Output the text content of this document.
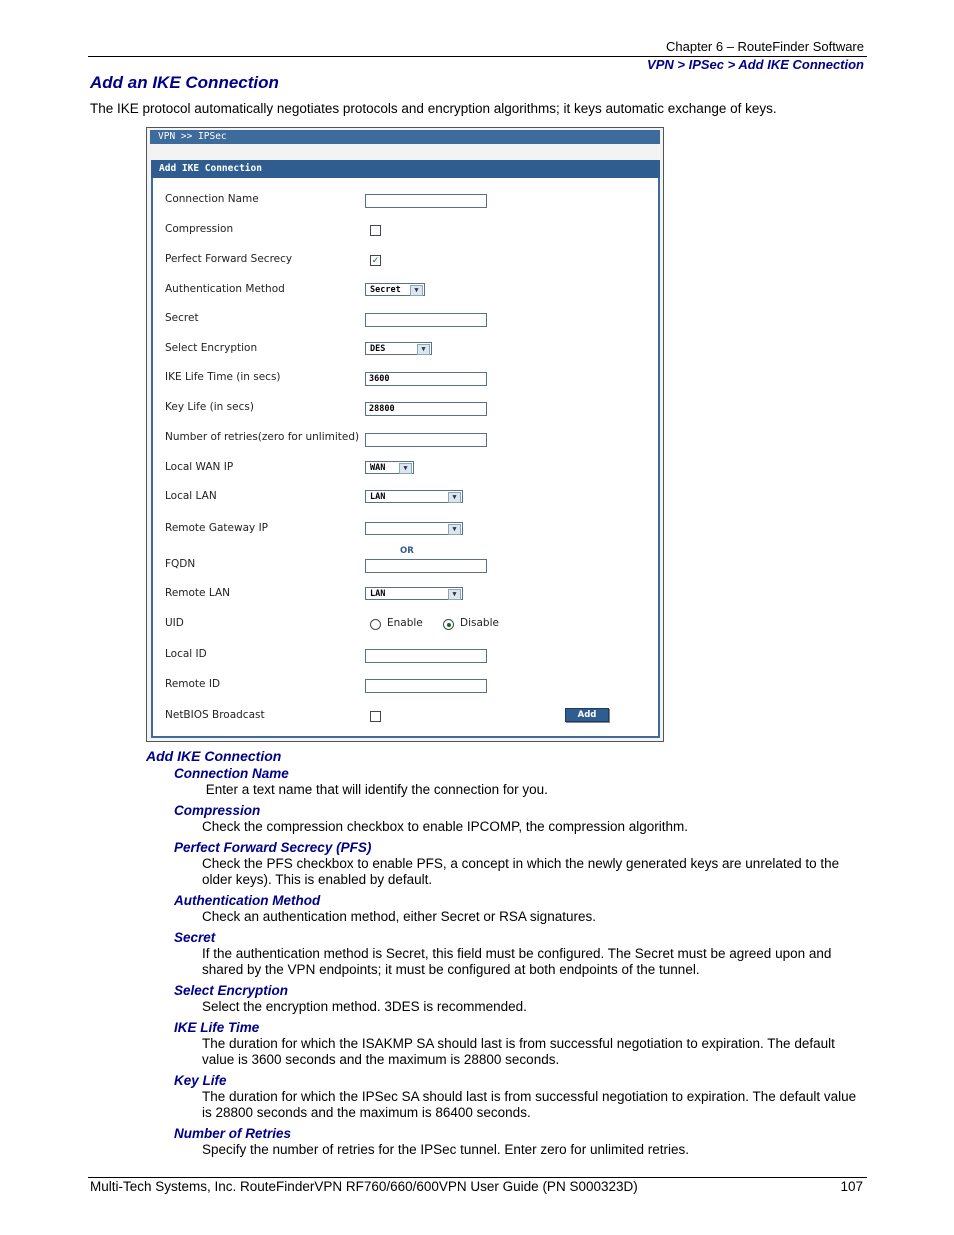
Chapter 6 – RouteFinder Software
VPN > IPSec > Add IKE Connection
Add an IKE Connection
The IKE protocol automatically negotiates protocols and encryption algorithms; it keys automatic exchange of keys.
VPN >> IPSec
Add IKE Connection
Connection Name
Compression
Perfect Forward Secrecy	✓
Authentication Method	Secret	▼
Secret
Select Encryption	DES	▼
IKE Life Time (in secs)	3600
Key Life (in secs)	28800
Number of retries(zero for unlimited)
Local WAN IP	WAN	▼
Local LAN	LAN	▼
Remote Gateway IP	▼
OR
FQDN
Remote LAN	LAN	▼
UID	Enable	Disable
Local ID
Remote ID
NetBIOS Broadcast	Add
Add IKE Connection
Connection Name

Enter a text name that will identify the connection for you.

Compression

Check the compression checkbox to enable IPCOMP, the compression algorithm.

Perfect Forward Secrecy (PFS)

Check the PFS checkbox to enable PFS, a concept in which the newly generated keys are unrelated to the older keys). This is enabled by default.

Authentication Method

Check an authentication method, either Secret or RSA signatures.

Secret

If the authentication method is Secret, this field must be configured. The Secret must be agreed upon and shared by the VPN endpoints; it must be configured at both endpoints of the tunnel.

Select Encryption

Select the encryption method. 3DES is recommended.

IKE Life Time

The duration for which the ISAKMP SA should last is from successful negotiation to expiration. The default value is 3600 seconds and the maximum is 28800 seconds.

Key Life

The duration for which the IPSec SA should last is from successful negotiation to expiration. The default value is 28800 seconds and the maximum is 86400 seconds.

Number of Retries

Specify the number of retries for the IPSec tunnel. Enter zero for unlimited retries.

Multi-Tech Systems, Inc. RouteFinderVPN RF760/660/600VPN User Guide (PN S000323D)	107
